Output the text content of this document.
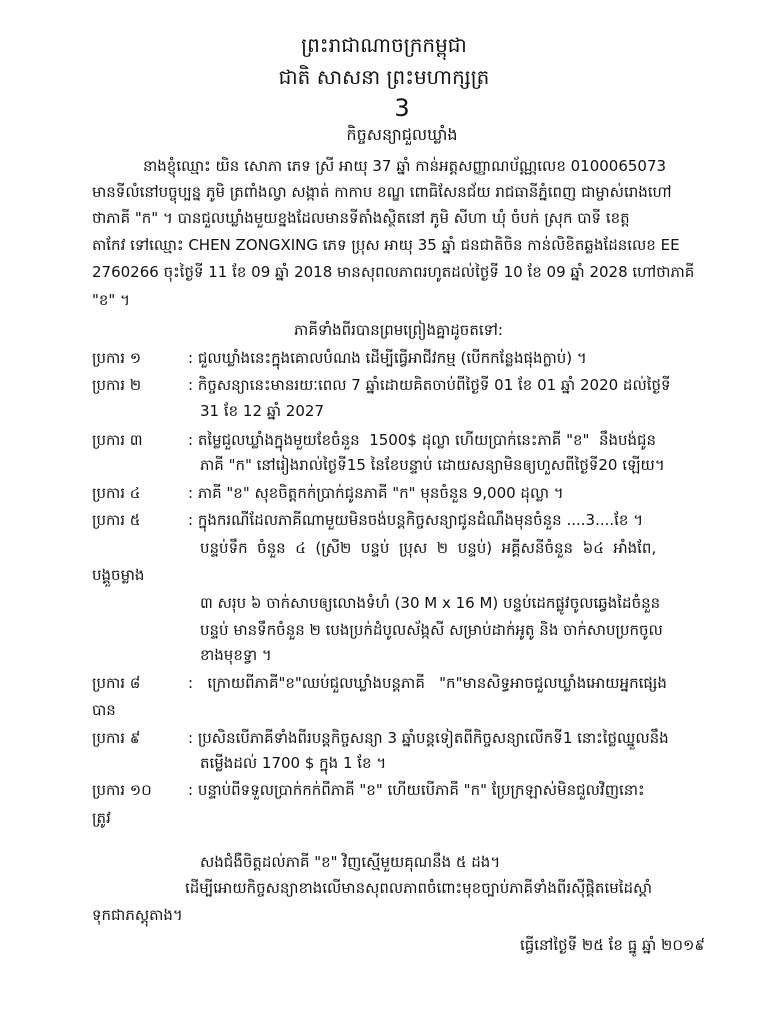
ព្រះរាជាណាចក្រកម្ពុជា
ជាតិ សាសនា ព្រះមហាក្សត្រ
3
កិច្ចសន្យាជួលឃ្លាំង
នាងខ្ញុំឈ្មោះ យិន សោភា ភេទ ស្រី អាយុ 37 ឆ្នាំ កាន់អត្តសញ្ញាណប័ណ្ណលេខ 0100065073
មានទីលំនៅបច្ចុប្បន្ន ភូមិ ត្រពាំងល្វា សង្កាត់ កាកាប ខណ្ឌ ពោធិសែនជ័យ រាជធានីភ្នំពេញ ជាម្ចាស់រោងហៅ
ថាភាគី "ក" ។ បានជួលឃ្លាំងមួយខ្នងដែលមានទីតាំងស្ថិតនៅ ភូមិ សីហា ឃុំ ចំបក់ ស្រុក បាទី ខេត្ត
តាកែវ ទៅឈ្មោះ CHEN ZONGXING ភេទ ប្រុស អាយុ 35 ឆ្នាំ ជនជាតិចិន កាន់លិខិតឆ្លងដែនលេខ EE
2760266 ចុះថ្ងៃទី 11 ខែ 09 ឆ្នាំ 2018 មានសុពលភាពរហូតដល់ថ្ងៃទី 10 ខែ 09 ឆ្នាំ 2028 ហៅថាភាគី
"ខ" ។
ភាគីទាំងពីរបានព្រមព្រៀងគ្នាដូចតទៅ:
ប្រការ ១	: ជួលឃ្លាំងនេះក្នុងគោលបំណង ដើម្បីធ្វើអាជីវកម្ម (បើកកន្លែងផុងក្លាប់) ។
ប្រការ ២	: កិច្ចសន្យានេះមានរយៈពេល 7 ឆ្នាំដោយគិតចាប់ពីថ្ងៃទី 01 ខែ 01 ឆ្នាំ 2020 ដល់ថ្ងៃទី
31 ខែ 12 ឆ្នាំ 2027
ប្រការ ៣	: តម្លៃជួលឃ្លាំងក្នុងមួយខែចំនួន  1500$ ដុល្លា ហើយប្រាក់នេះភាគី "ខ"  នឹងបង់ជូន
ភាគី "ក" នៅរៀងរាល់ថ្ងៃទី15 នៃខែបន្ទាប់ ដោយសន្យាមិនឲ្យហួសពីថ្ងៃទី20 ឡើយ។
ប្រការ ៤	: ភាគី "ខ" សុខចិត្តកក់ប្រាក់ជូនភាគី "ក" មុនចំនួន 9,000 ដុល្លា ។
ប្រការ ៥	: ក្នុងករណីដែលភាគីណាមួយមិនចង់បន្តកិច្ចសន្យាជូនដំណឹងមុនចំនួន ....3....ខែ ។
បន្ទប់ទឹក  ចំនួន  ៤  (ស្រី២  បន្ទប់  ប្រុស  ២  បន្ទប់)  អគ្គីសនីចំនួន  ៦៤  អាំងពែ,
បង្គួចម្លាង
៣ សរុប ៦ ចាក់សាបឲ្យលោងទំហំ (30 M x 16 M) បន្ទប់ដេកផ្លូវចូលឆ្វេងដៃចំនួន
បន្ទប់ មានទឹកចំនួន ២ បេងប្រក់ដំបូលស័ង្កសី សម្រាប់ដាក់អូតូ និង ចាក់សាបប្រកចូល
ខាងមុខទ្វា ។
ប្រការ ៨	:   ក្រោយពីភាគី"ខ"ឈប់ជួលឃ្លាំងបន្តភាគី   "ក"មានសិទ្ធអាចជួលឃ្លាំងអោយអ្នកផ្សេង
បាន
ប្រការ ៩	: ប្រសិនបើភាគីទាំងពីរបន្តកិច្ចសន្យា 3 ឆ្នាំបន្តទៀតពីកិច្ចសន្យាលើកទី1 នោះថ្លៃឈ្នួលនឹង
តម្លើងដល់ 1700 $ ក្នុង 1 ខែ ។
ប្រការ ១០	: បន្ទាប់ពីទទួលប្រាក់កក់ពីភាគី "ខ" ហើយបើភាគី "ក" ប្រែក្រឡាស់មិនជួលវិញនោះ
ត្រូវ
សងជំងឺចិត្តដល់ភាគី "ខ" វិញស្មើមួយគុណនឹង ៥ ដង។
ដើម្បីអោយកិច្ចសន្យាខាងលើមានសុពលភាពចំពោះមុខច្បាប់ភាគីទាំងពីរស៊ីផ្តិតមេដៃស្តាំ
ទុកជាភស្តុតាង។
ធ្វើនៅថ្ងៃទី ២៥ ខែ ធ្នូ ឆ្នាំ ២០១៩
